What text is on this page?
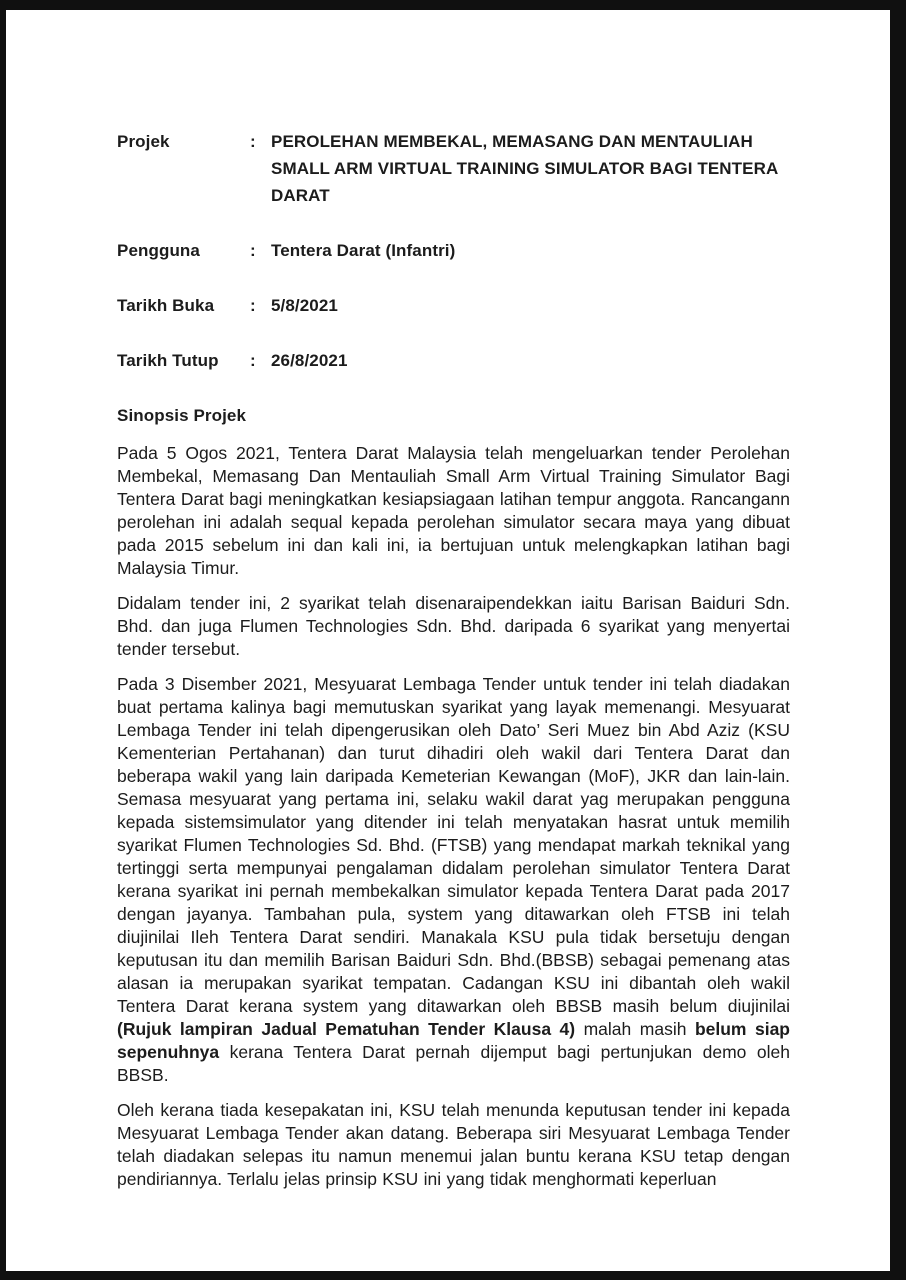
Projek	: PEROLEHAN MEMBEKAL, MEMASANG DAN MENTAULIAH SMALL ARM VIRTUAL TRAINING SIMULATOR BAGI TENTERA DARAT
Pengguna	: Tentera Darat (Infantri)
Tarikh Buka	: 5/8/2021
Tarikh Tutup	: 26/8/2021
Sinopsis Projek

Pada 5 Ogos 2021, Tentera Darat Malaysia telah mengeluarkan tender Perolehan Membekal, Memasang Dan Mentauliah Small Arm Virtual Training Simulator Bagi Tentera Darat bagi meningkatkan kesiapsiagaan latihan tempur anggota. Rancangann perolehan ini adalah sequal kepada perolehan simulator secara maya yang dibuat pada 2015 sebelum ini dan kali ini, ia bertujuan untuk melengkapkan latihan bagi Malaysia Timur.

Didalam tender ini, 2 syarikat telah disenaraipendekkan iaitu Barisan Baiduri Sdn. Bhd. dan juga Flumen Technologies Sdn. Bhd. daripada 6 syarikat yang menyertai tender tersebut.

Pada 3 Disember 2021, Mesyuarat Lembaga Tender untuk tender ini telah diadakan buat pertama kalinya bagi memutuskan syarikat yang layak memenangi. Mesyuarat Lembaga Tender ini telah dipengerusikan oleh Dato’ Seri Muez bin Abd Aziz (KSU Kementerian Pertahanan) dan turut dihadiri oleh wakil dari Tentera Darat dan beberapa wakil yang lain daripada Kemeterian Kewangan (MoF), JKR dan lain-lain. Semasa mesyuarat yang pertama ini, selaku wakil darat yag merupakan pengguna kepada sistemsimulator yang ditender ini telah menyatakan hasrat untuk memilih syarikat Flumen Technologies Sd. Bhd. (FTSB) yang mendapat markah teknikal yang tertinggi serta mempunyai pengalaman didalam perolehan simulator Tentera Darat kerana syarikat ini pernah membekalkan simulator kepada Tentera Darat pada 2017 dengan jayanya. Tambahan pula, system yang ditawarkan oleh FTSB ini telah diujinilai Ileh Tentera Darat sendiri. Manakala KSU pula tidak bersetuju dengan keputusan itu dan memilih Barisan Baiduri Sdn. Bhd.(BBSB) sebagai pemenang atas alasan ia merupakan syarikat tempatan. Cadangan KSU ini dibantah oleh wakil Tentera Darat kerana system yang ditawarkan oleh BBSB masih belum diujinilai (Rujuk lampiran Jadual Pematuhan Tender Klausa 4) malah masih belum siap sepenuhnya kerana Tentera Darat pernah dijemput bagi pertunjukan demo oleh BBSB.

Oleh kerana tiada kesepakatan ini, KSU telah menunda keputusan tender ini kepada Mesyuarat Lembaga Tender akan datang. Beberapa siri Mesyuarat Lembaga Tender telah diadakan selepas itu namun menemui jalan buntu kerana KSU tetap dengan pendiriannya. Terlalu jelas prinsip KSU ini yang tidak menghormati keperluan
